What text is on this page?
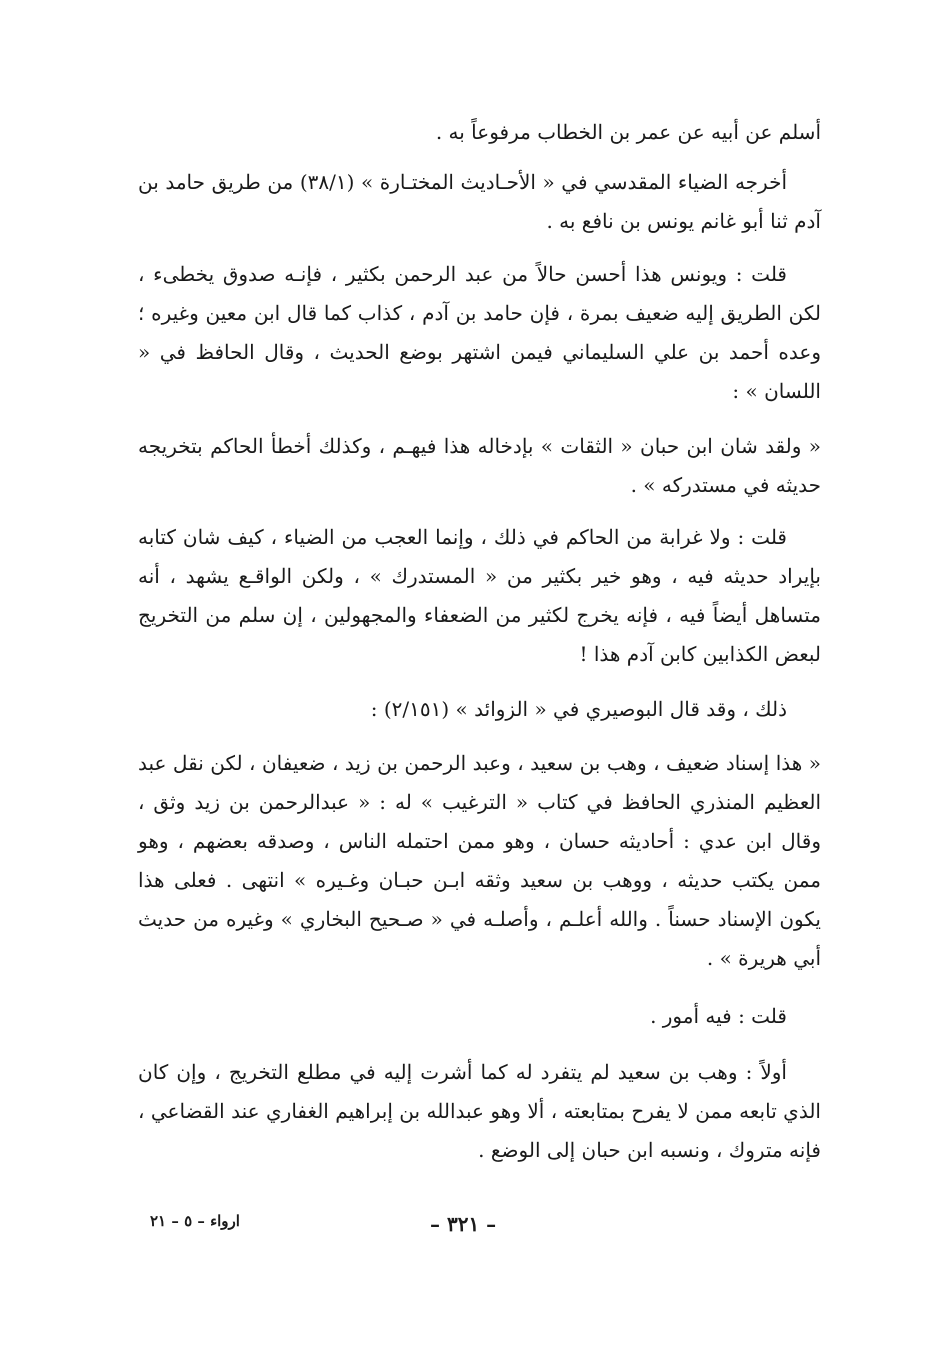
أسلم عن أبيه عن عمر بن الخطاب مرفوعاً به .

أخرجه الضياء المقدسي في « الأحـاديث المختـارة » (٣٨/١) من طريق حامد بن آدم ثنا أبو غانم يونس بن نافع به .

قلت : ويونس هذا أحسن حالاً من عبد الرحمن بكثير ، فإنـه صدوق يخطىء ، لكن الطريق إليه ضعيف بمرة ، فإن حامد بن آدم ، كذاب كما قال ابن معين وغيره ؛ وعده أحمد بن علي السليماني فيمن اشتهر بوضع الحديث ، وقال الحافظ في « اللسان » :

« ولقد شان ابن حبان « الثقات » بإدخاله هذا فيهـم ، وكذلك أخطأ الحاكم بتخريجه حديثه في مستدركه » .

قلت : ولا غرابة من الحاكم في ذلك ، وإنما العجب من الضياء ، كيف شان كتابه بإيراد حديثه فيه ، وهو خير بكثير من « المستدرك » ، ولكن الواقـع يشهد ، أنه متساهل أيضاً فيه ، فإنه يخرج لكثير من الضعفاء والمجهولين ، إن سلم من التخريج لبعض الكذابين كابن آدم هذا !

ذلك ، وقد قال البوصيري في « الزوائد » (٢/١٥١) :

« هذا إسناد ضعيف ، وهب بن سعيد ، وعبد الرحمن بن زيد ، ضعيفان ، لكن نقل عبد العظيم المنذري الحافظ في كتاب « الترغيب » له : « عبدالرحمن بن زيد وثق ، وقال ابن عدي : أحاديثه حسان ، وهو ممن احتمله الناس ، وصدقه بعضهم ، وهو ممن يكتب حديثه ، ووهب بن سعيد وثقه ابـن حبـان وغـيره » انتهى . فعلى هذا يكون الإسناد حسناً . والله أعلـم ، وأصلـه في « صـحيح البخاري » وغيره من حديث أبي هريرة » .

قلت : فيه أمور .

أولاً : وهب بن سعيد لم يتفرد له كما أشرت إليه في مطلع التخريج ، وإن كان الذي تابعه ممن لا يفرح بمتابعته ، ألا وهو عبدالله بن إبراهيم الغفاري عند القضاعي ، فإنه متروك ، ونسبه ابن حبان إلى الوضع .

– ٣٢١ –
ارواء – ٥ – ٢١
